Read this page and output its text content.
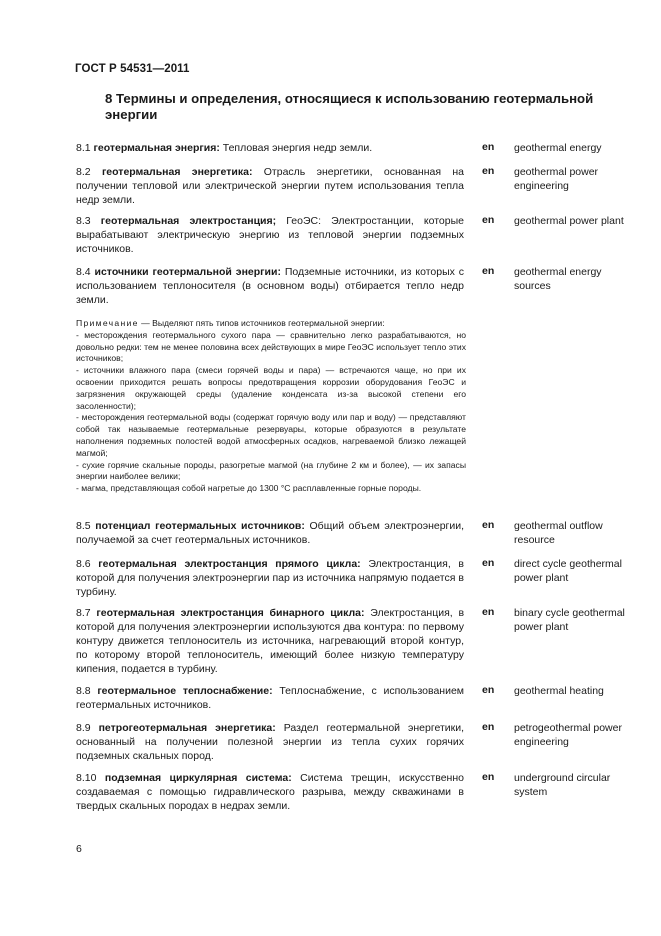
ГОСТ Р 54531—2011
8 Термины и определения, относящиеся к использованию геотермальной энергии
8.1 геотермальная энергия: Тепловая энергия недр земли.	en geothermal energy
8.2 геотермальная энергетика: Отрасль энергетики, основанная на получении тепловой или электрической энергии путем использования тепла недр земли.
en geothermal power engineering
8.3 геотермальная электростанция; ГеоЭС: Электростанции, которые вырабатывают электрическую энергию из тепловой энергии подземных источников.
en geothermal power plant
8.4 источники геотермальной энергии: Подземные источники, из которых с использованием теплоносителя (в основном воды) отбирается тепло недр земли.
en geothermal energy sources

Примечание — Выделяют пять типов источников геотермальной энергии:

- месторождения геотермального сухого пара — сравнительно легко разрабатываются, но довольно редки: тем не менее половина всех действующих в мире ГеоЭС использует тепло этих источников;

- источники влажного пара (смеси горячей воды и пара) — встречаются чаще, но при их освоении приходится решать вопросы предотвращения коррозии оборудования ГеоЭС и загрязнения окружающей среды (удаление конденсата из-за высокой степени его засоленности);

- месторождения геотермальной воды (содержат горячую воду или пар и воду) — представляют собой так называемые геотермальные резервуары, которые образуются в результате наполнения подземных полостей водой атмосферных осадков, нагреваемой близко лежащей магмой;

- сухие горячие скальные породы, разогретые магмой (на глубине 2 км и более), — их запасы энергии наиболее велики;

- магма, представляющая собой нагретые до 1300 °С расплавленные горные породы.

8.5 потенциал геотермальных источников: Общий объем электроэнергии, получаемой за счет геотермальных источников.
en geothermal outflow resource
8.6 геотермальная электростанция прямого цикла: Электростанция, в которой для получения электроэнергии пар из источника напрямую подается в турбину.
en direct cycle geothermal power plant
8.7 геотермальная электростанция бинарного цикла: Электростанция, в которой для получения электроэнергии используются два контура: по первому контуру движется теплоноситель из источника, нагревающий второй контур, по которому второй теплоноситель, имеющий более низкую температуру кипения, подается в турбину.
en binary cycle geothermal power plant
8.8 геотермальное теплоснабжение: Теплоснабжение, с использованием геотермальных источников.
en geothermal heating
8.9 петрогеотермальная энергетика: Раздел геотермальной энергетики, основанный на получении полезной энергии из тепла сухих горячих подземных скальных пород.
en petrogeothermal power engineering
8.10 подземная циркулярная система: Система трещин, искусственно создаваемая с помощью гидравлического разрыва, между скважинами в твердых скальных породах в недрах земли.
en underground circular system
6
